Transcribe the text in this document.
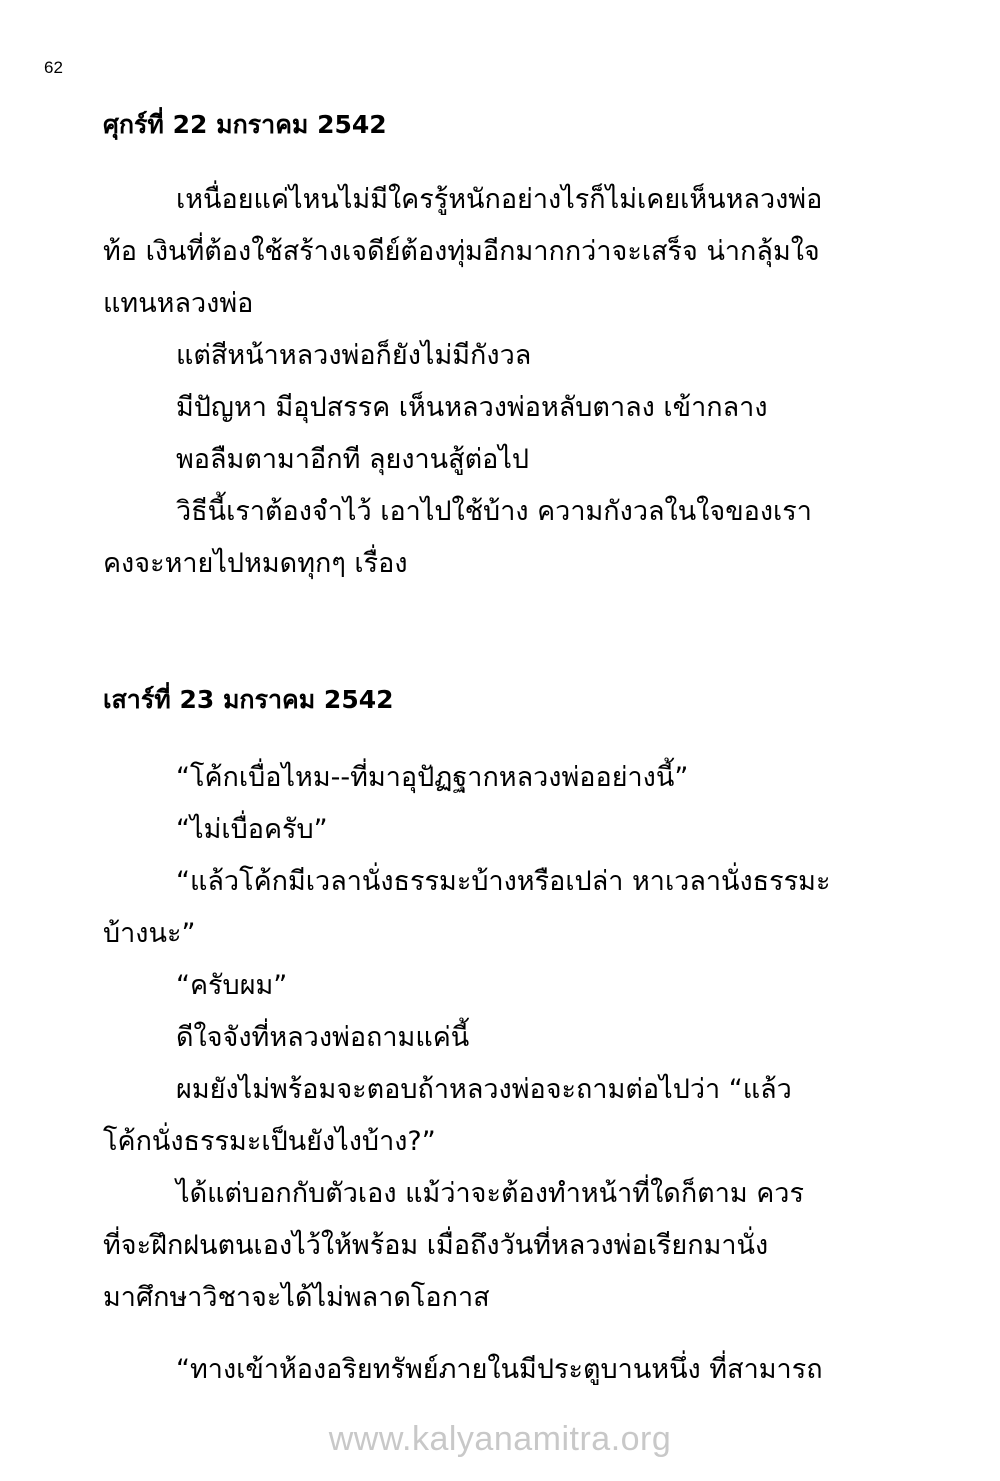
62
ศุกร์ที่ 22 มกราคม 2542
เหนื่อยแค่ไหนไม่มีใครรู้หนักอย่างไรก็ไม่เคยเห็นหลวงพ่อ
ท้อ เงินที่ต้องใช้สร้างเจดีย์ต้องทุ่มอีกมากกว่าจะเสร็จ น่ากลุ้มใจ
แทนหลวงพ่อ
แต่สีหน้าหลวงพ่อก็ยังไม่มีกังวล
มีปัญหา มีอุปสรรค เห็นหลวงพ่อหลับตาลง เข้ากลาง
พอลืมตามาอีกที ลุยงานสู้ต่อไป
วิธีนี้เราต้องจำไว้ เอาไปใช้บ้าง ความกังวลในใจของเรา
คงจะหายไปหมดทุกๆ เรื่อง
เสาร์ที่ 23 มกราคม 2542
“โค้กเบื่อไหม--ที่มาอุปัฏฐากหลวงพ่ออย่างนี้”
“ไม่เบื่อครับ”
“แล้วโค้กมีเวลานั่งธรรมะบ้างหรือเปล่า หาเวลานั่งธรรมะ
บ้างนะ”
“ครับผม”
ดีใจจังที่หลวงพ่อถามแค่นี้
ผมยังไม่พร้อมจะตอบถ้าหลวงพ่อจะถามต่อไปว่า “แล้ว
โค้กนั่งธรรมะเป็นยังไงบ้าง?”
ได้แต่บอกกับตัวเอง แม้ว่าจะต้องทำหน้าที่ใดก็ตาม ควร
ที่จะฝึกฝนตนเองไว้ให้พร้อม เมื่อถึงวันที่หลวงพ่อเรียกมานั่ง
มาศึกษาวิชาจะได้ไม่พลาดโอกาส
“ทางเข้าห้องอริยทรัพย์ภายในมีประตูบานหนึ่ง ที่สามารถ
www.kalyanamitra.org
